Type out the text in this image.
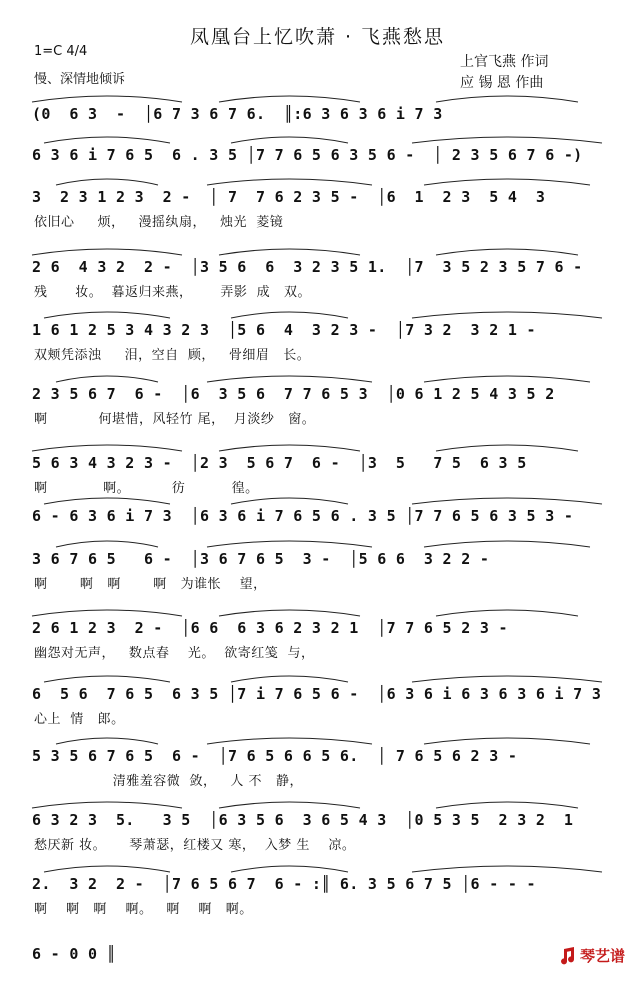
凤凰台上忆吹萧 · 飞燕愁思
1=C 4/4
慢、深情地倾诉
上官飞燕 作词
应 锡 恩 作曲
(0  6 3  -  │6 7 3 6 7 6.  ║:6 3 6 3 6 i 7 3
6 3 6 i 7 6 5  6 . 3 5 │7 7 6 5 6 3 5 6 -  │ 2 3 5 6 7 6 -)
3  2 3 1 2 3  2 -  │ 7  7 6 2 3 5 -  │6  1  2 3  5 4  3
依旧心     烦，   漫摇纨扇，   烛光  菱镜
2 6  4 3 2  2 -  │3 5 6  6  3 2 3 5 1.  │7  3 5 2 3 5 7 6 -
残      妆。  暮返归来燕，      弄影  成   双。
1 6 1 2 5 3 4 3 2 3  │5 6  4  3 2 3 -  │7 3 2  3 2 1 -
双颊凭添浊     泪，空自  顾，   骨细眉   长。
2 3 5 6 7  6 -  │6  3 5 6  7 7 6 5 3  │0 6 1 2 5 4 3 5 2
啊           何堪惜，风轻竹 尾，  月淡纱   窗。
5 6 3 4 3 2 3 -  │2 3  5 6 7  6 -  │3  5   7 5  6 3 5
啊            啊。         彷          徨。
6 - 6 3 6 i 7 3  │6 3 6 i 7 6 5 6 . 3 5 │7 7 6 5 6 3 5 3 -
3 6 7 6 5   6 -  │3 6 7 6 5  3 -  │5 6 6  3 2 2 -
啊       啊   啊       啊   为谁怅    望，
2 6 1 2 3  2 -  │6 6  6 3 6 2 3 2 1  │7 7 6 5 2 3 -
幽怨对无声，   数点春    光。  欲寄红笺  与，
6  5 6  7 6 5  6 3 5 │7 i 7 6 5 6 -  │6 3 6 i 6 3 6 3 6 i 7 3
心上  情   郎。
5 3 5 6 7 6 5  6 -  │7 6 5 6 6 5 6.  │ 7 6 5 6 2 3 -
清雅羞容微  敛，   人 不   静，
6 3 2 3  5.   3 5  │6 3 5 6  3 6 5 4 3  │0 5 3 5  2 3 2  1
愁厌新 妆。     琴萧瑟，红楼又 寒，  入梦 生    凉。
2.  3 2  2 -  │7 6 5 6 7  6 - :║ 6. 3 5 6 7 5 │6 - - -
啊    啊   啊    啊。   啊    啊   啊。
6 - 0 0 ║	琴艺谱
